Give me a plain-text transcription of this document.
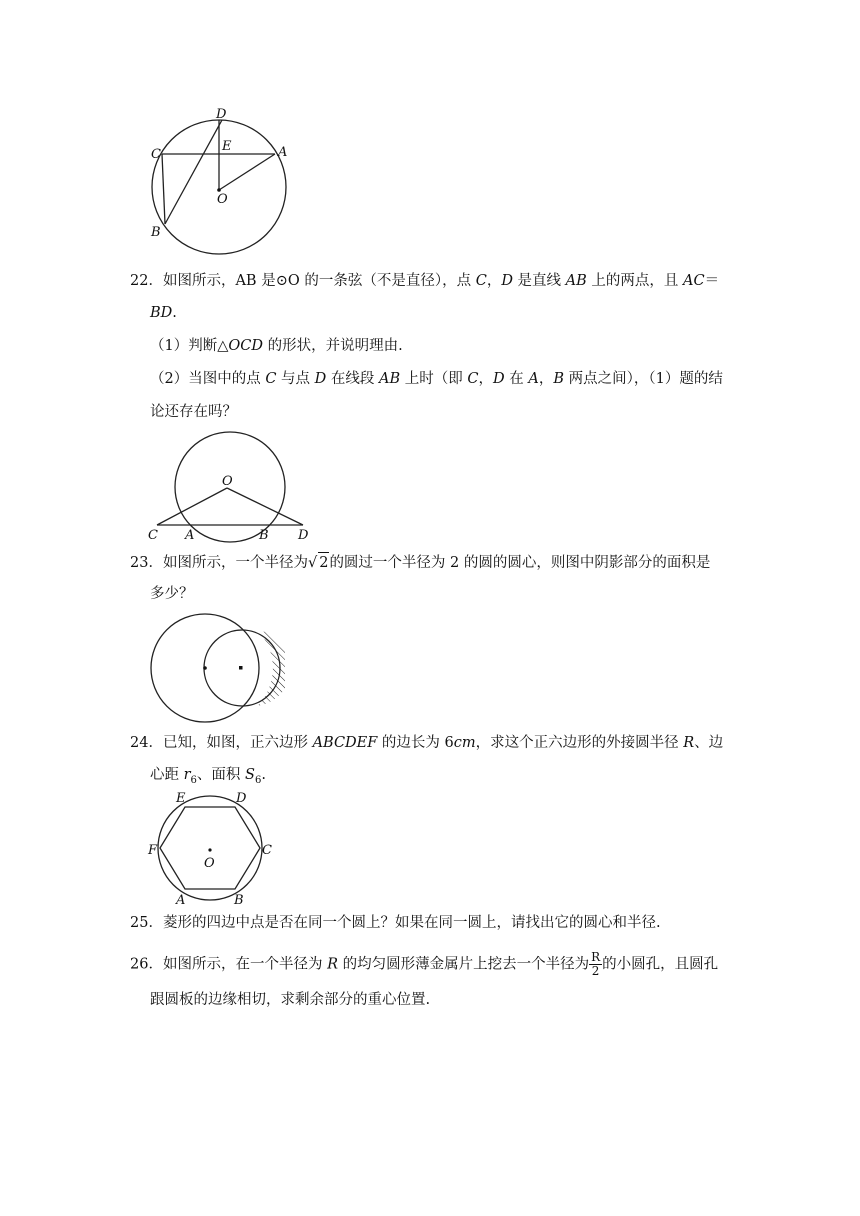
D
E
C	A
O
B
22．如图所示，AB 是⊙O 的一条弦（不是直径），点 C，D 是直线 AB 上的两点，且 AC＝
BD.
（1）判断△OCD 的形状，并说明理由.
（2）当图中的点 C 与点 D 在线段 AB 上时（即 C，D 在 A，B 两点之间），（1）题的结
论还存在吗？
O
C A	B D
23．如图所示，一个半径为√ 2的圆过一个半径为 2 的圆的圆心，则图中阴影部分的面积是
多少？
24．已知，如图，正六边形 ABCDEF 的边长为 6cm，求这个正六边形的外接圆半径 R、边
心距 $r_6$、面积 $S_6$.
E	D
F	C
O
A	B
25．菱形的四边中点是否在同一个圆上？如果在同一圆上，请找出它的圆心和半径.
26．如图所示，在一个半径为 R 的均匀圆形薄金属片上挖去一个半径为 $\frac{R}{2}$ 的小圆孔，且圆孔
跟圆板的边缘相切，求剩余部分的重心位置.
